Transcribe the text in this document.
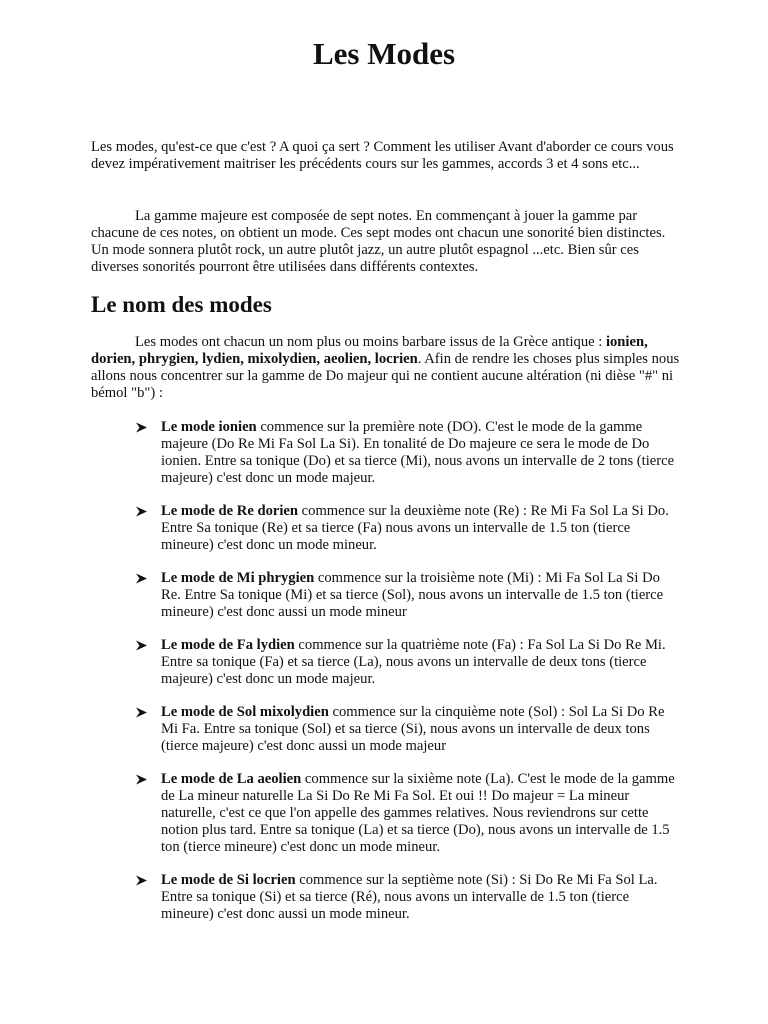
Les Modes

Les modes, qu'est-ce que c'est ? A quoi ça sert ? Comment les utiliser Avant d'aborder ce cours vous devez impérativement maitriser les précédents cours sur les gammes, accords 3 et 4 sons etc...

La gamme majeure est composée de sept notes. En commençant à jouer la gamme par chacune de ces notes, on obtient un mode. Ces sept modes ont chacun une sonorité bien distinctes. Un mode sonnera plutôt rock, un autre plutôt jazz, un autre plutôt espagnol ...etc. Bien sûr ces diverses sonorités pourront être utilisées dans différents contextes.

Le nom des modes

Les modes ont chacun un nom plus ou moins barbare issus de la Grèce antique : ionien, dorien, phrygien, lydien, mixolydien, aeolien, locrien. Afin de rendre les choses plus simples nous allons nous concentrer sur la gamme de Do majeur qui ne contient aucune altération (ni dièse "#" ni bémol "b") :

Le mode ionien commence sur la première note (DO). C'est le mode de la gamme majeure (Do Re Mi Fa Sol La Si). En tonalité de Do majeure ce sera le mode de Do ionien. Entre sa tonique (Do) et sa tierce (Mi), nous avons un intervalle de 2 tons (tierce majeure) c'est donc un mode majeur.
Le mode de Re dorien commence sur la deuxième note (Re) : Re Mi Fa Sol La Si Do. Entre Sa tonique (Re) et sa tierce (Fa) nous avons un intervalle de 1.5 ton (tierce mineure) c'est donc un mode mineur.
Le mode de Mi phrygien commence sur la troisième note (Mi) : Mi Fa Sol La Si Do Re. Entre Sa tonique (Mi) et sa tierce (Sol), nous avons un intervalle de 1.5 ton (tierce mineure) c'est donc aussi un mode mineur
Le mode de Fa lydien commence sur la quatrième note (Fa) : Fa Sol La Si Do Re Mi. Entre sa tonique (Fa) et sa tierce (La), nous avons un intervalle de deux tons (tierce majeure) c'est donc un mode majeur.
Le mode de Sol mixolydien commence sur la cinquième note (Sol) : Sol La Si Do Re Mi Fa. Entre sa tonique (Sol) et sa tierce (Si), nous avons un intervalle de deux tons (tierce majeure) c'est donc aussi un mode majeur
Le mode de La aeolien commence sur la sixième note (La). C'est le mode de la gamme de La mineur naturelle La Si Do Re Mi Fa Sol. Et oui !! Do majeur = La mineur naturelle, c'est ce que l'on appelle des gammes relatives. Nous reviendrons sur cette notion plus tard. Entre sa tonique (La) et sa tierce (Do), nous avons un intervalle de 1.5 ton (tierce mineure) c'est donc un mode mineur.
Le mode de Si locrien commence sur la septième note (Si) : Si Do Re Mi Fa Sol La. Entre sa tonique (Si) et sa tierce (Ré), nous avons un intervalle de 1.5 ton (tierce mineure) c'est donc aussi un mode mineur.
